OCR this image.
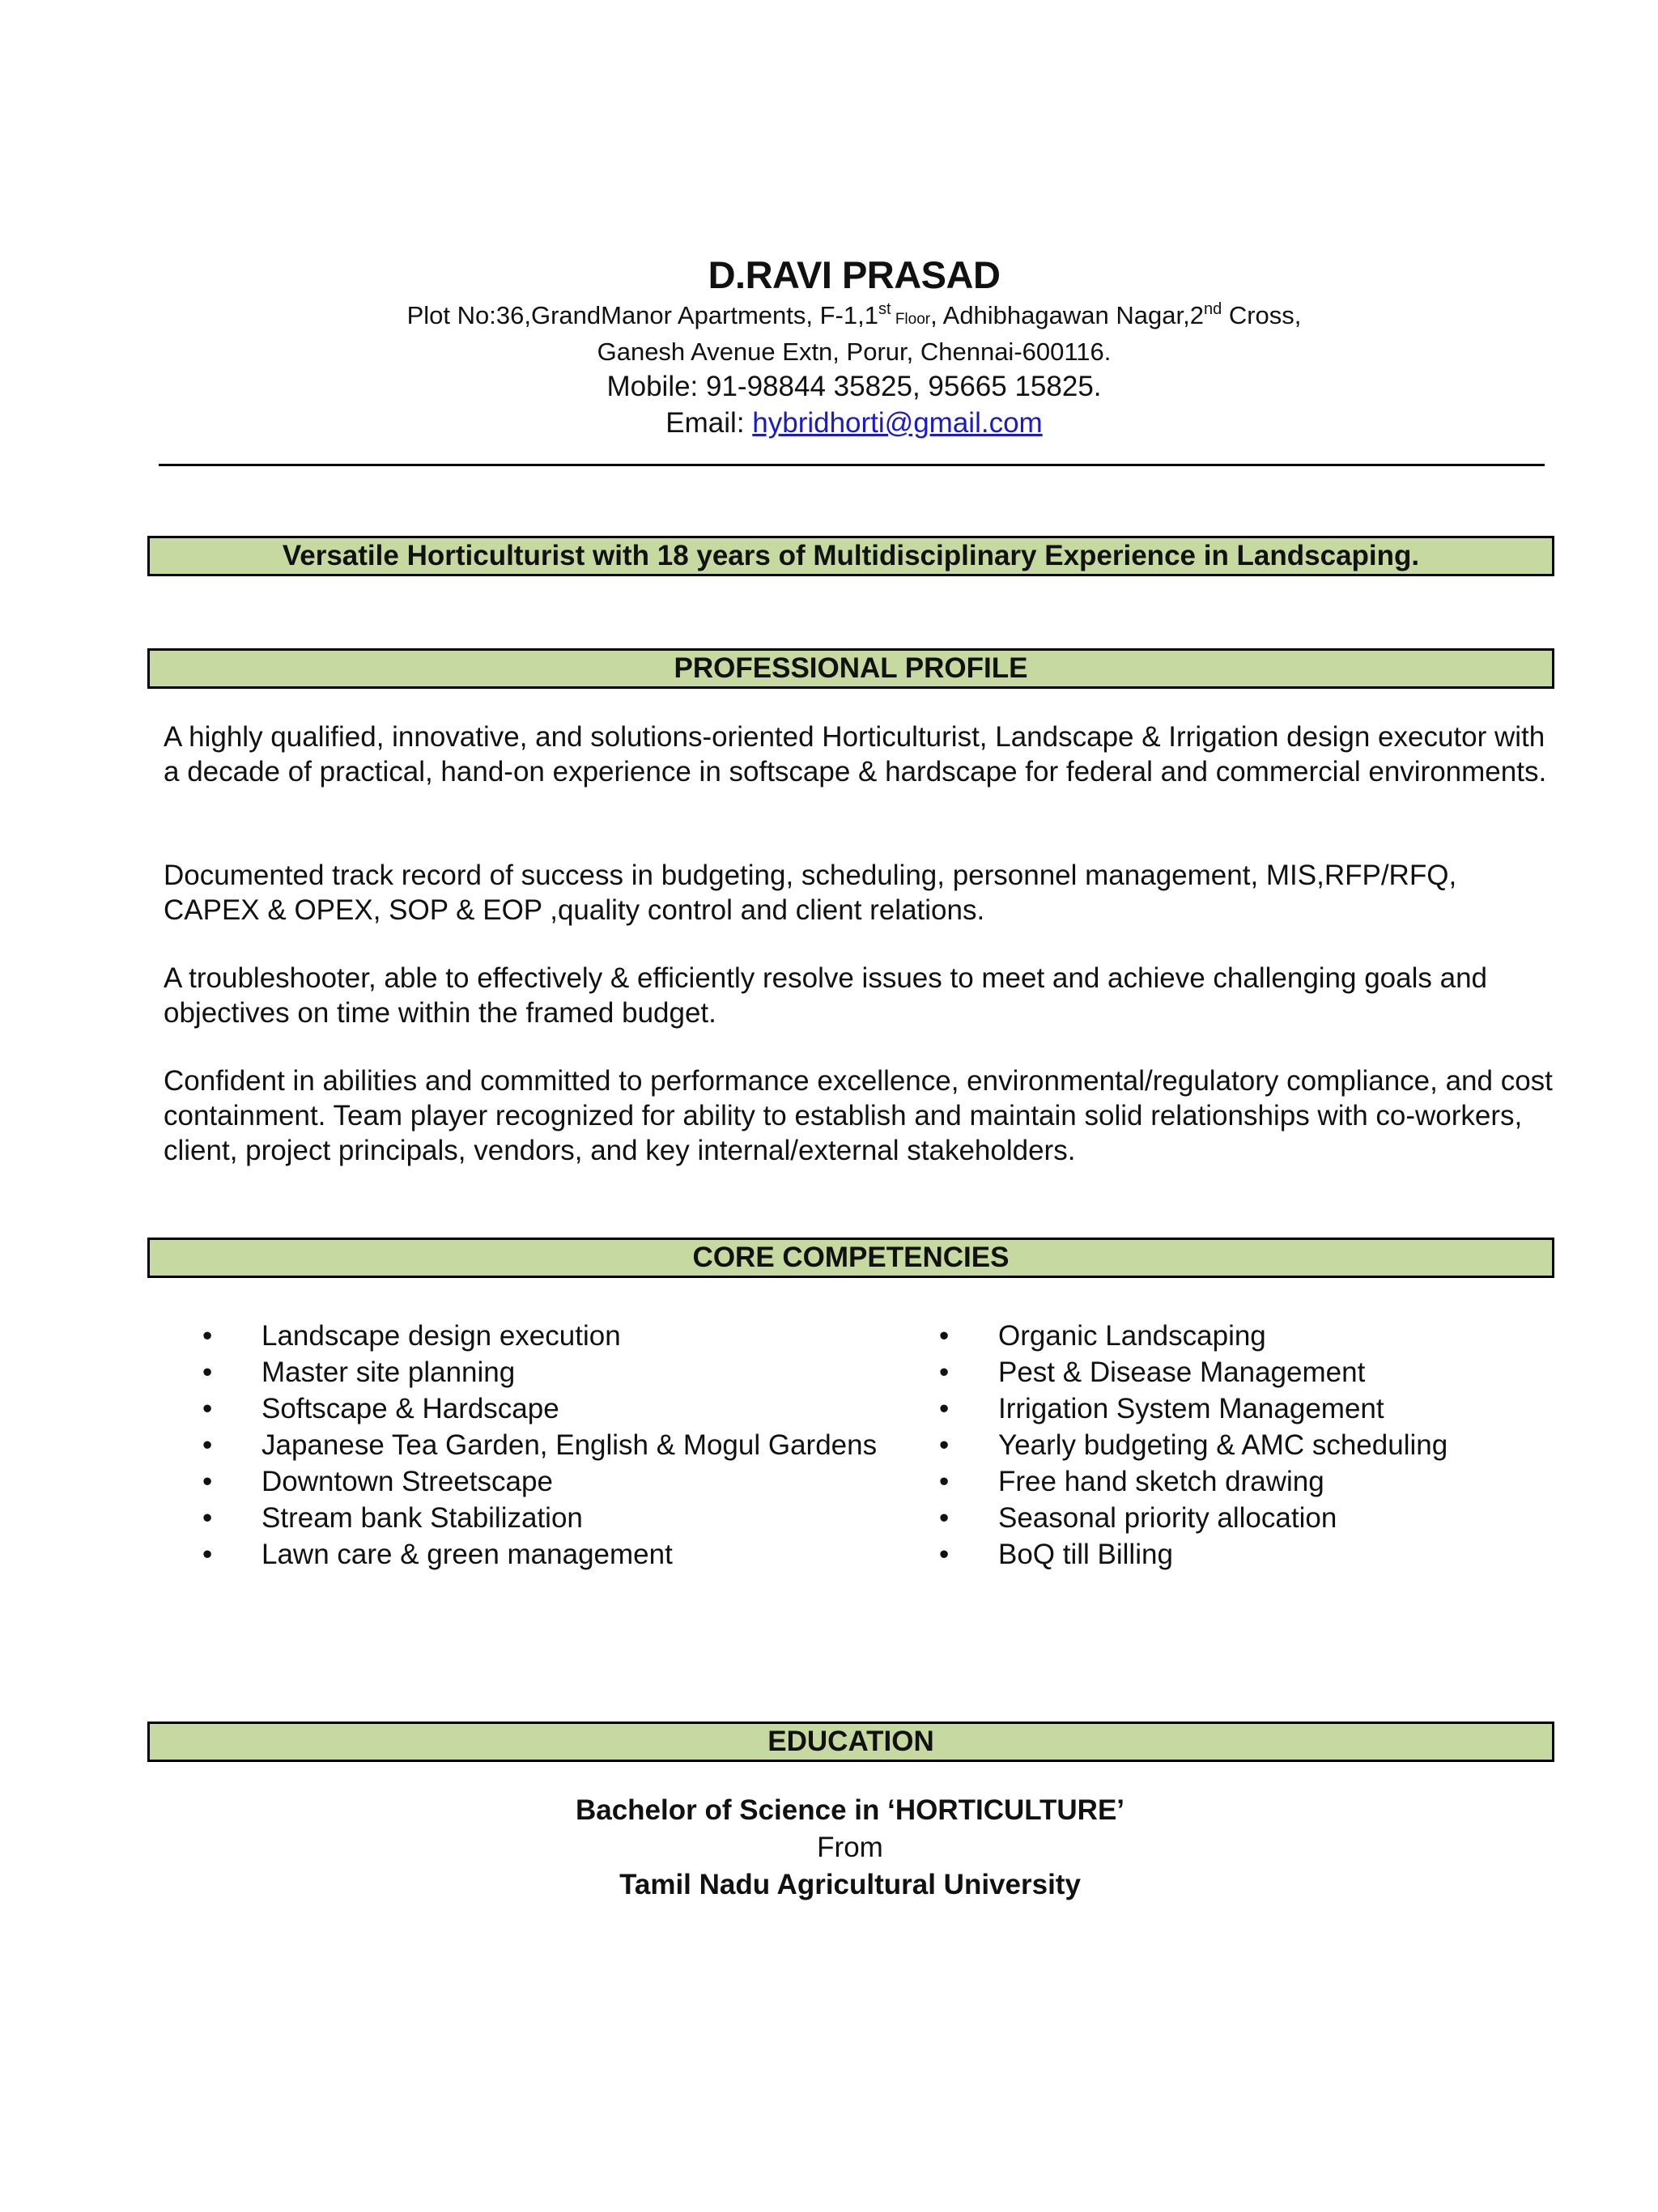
D.RAVI PRASAD
Plot No:36,GrandManor Apartments, F-1,1st Floor, Adhibhagawan Nagar,2nd Cross,
Ganesh Avenue Extn, Porur, Chennai-600116.
Mobile: 91-98844 35825, 95665 15825.
Email: hybridhorti@gmail.com
Versatile Horticulturist with 18 years of Multidisciplinary Experience in Landscaping.
PROFESSIONAL PROFILE
A highly qualified, innovative, and solutions-oriented Horticulturist, Landscape & Irrigation design executor with a decade of practical, hand-on experience in softscape & hardscape for federal and commercial environments.
Documented track record of success in budgeting, scheduling, personnel management, MIS,RFP/RFQ, CAPEX & OPEX, SOP & EOP ,quality control and client relations.
A troubleshooter, able to effectively & efficiently resolve issues to meet and achieve challenging goals and objectives on time within the framed budget.
Confident in abilities and committed to performance excellence, environmental/regulatory compliance, and cost containment. Team player recognized for ability to establish and maintain solid relationships with co-workers, client, project principals, vendors, and key internal/external stakeholders.
CORE COMPETENCIES
• Landscape design execution
• Master site planning
• Softscape & Hardscape
• Japanese Tea Garden, English & Mogul Gardens
• Downtown Streetscape
• Stream bank Stabilization
• Lawn care & green management
• Organic Landscaping
• Pest & Disease Management
• Irrigation System Management
• Yearly budgeting & AMC scheduling
• Free hand sketch drawing
• Seasonal priority allocation
• BoQ till Billing
EDUCATION
Bachelor of Science in ‘HORTICULTURE’
From
Tamil Nadu Agricultural University
